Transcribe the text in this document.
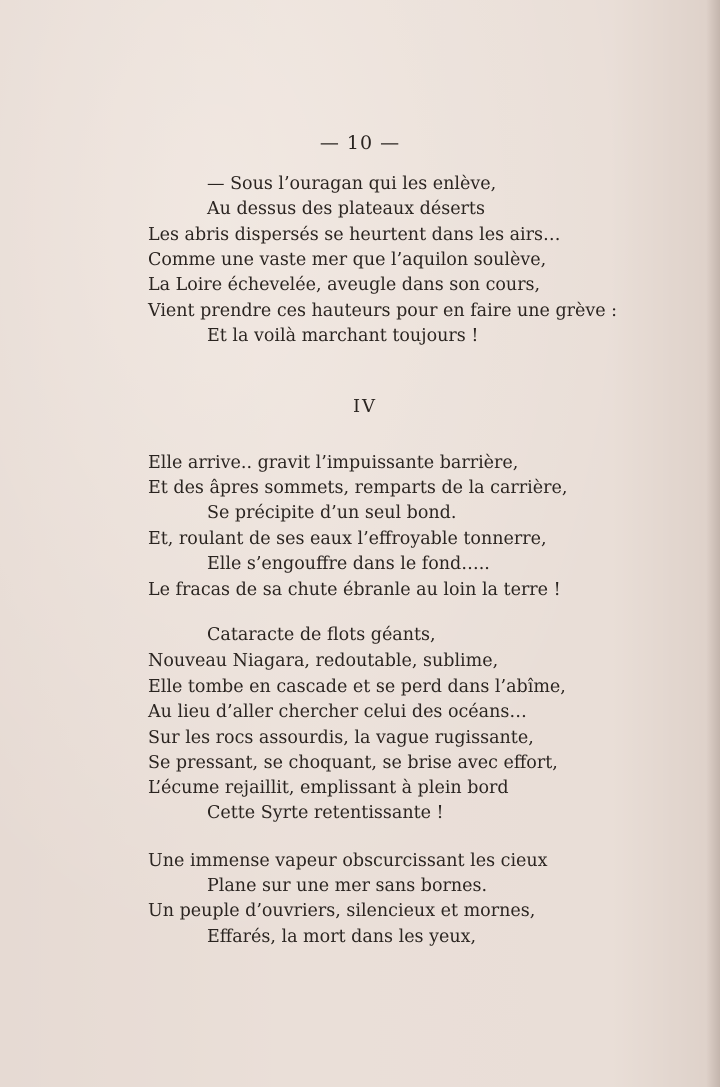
— 10 —
— Sous l’ouragan qui les enlève,
Au dessus des plateaux déserts
Les abris dispersés se heurtent dans les airs…
Comme une vaste mer que l’aquilon soulève,
La Loire échevelée, aveugle dans son cours,
Vient prendre ces hauteurs pour en faire une grève :
Et la voilà marchant toujours !
IV
Elle arrive.. gravit l’impuissante barrière,
Et des âpres sommets, remparts de la carrière,
Se précipite d’un seul bond.
Et, roulant de ses eaux l’effroyable tonnerre,
Elle s’engouffre dans le fond…..
Le fracas de sa chute ébranle au loin la terre !
Cataracte de flots géants,
Nouveau Niagara, redoutable, sublime,
Elle tombe en cascade et se perd dans l’abîme,
Au lieu d’aller chercher celui des océans…
Sur les rocs assourdis, la vague rugissante,
Se pressant, se choquant, se brise avec effort,
L’écume rejaillit, emplissant à plein bord
Cette Syrte retentissante !
Une immense vapeur obscurcissant les cieux
Plane sur une mer sans bornes.
Un peuple d’ouvriers, silencieux et mornes,
Effarés, la mort dans les yeux,
